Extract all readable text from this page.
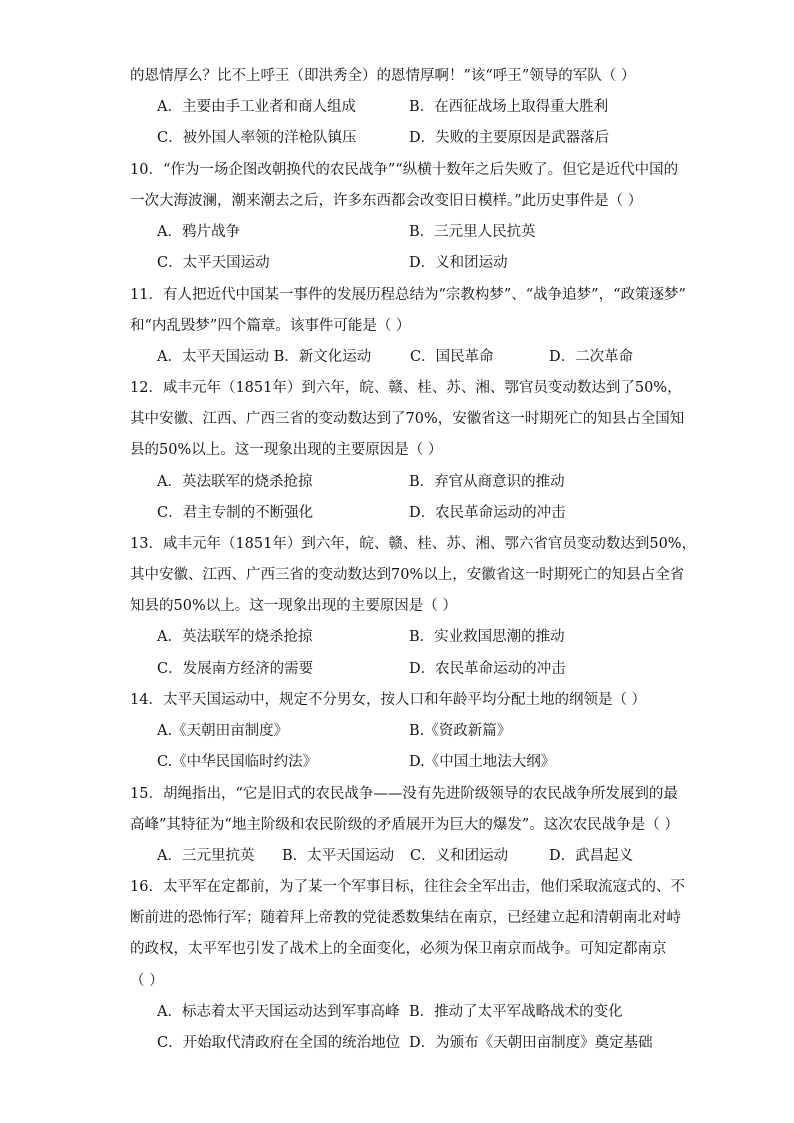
的恩情厚么？比不上呼王（即洪秀全）的恩情厚啊！”该“呼王”领导的军队（ ）
A．主要由手工业者和商人组成	B．在西征战场上取得重大胜利
C．被外国人率领的洋枪队镇压	D．失败的主要原因是武器落后
10．“作为一场企图改朝换代的农民战争”“纵横十数年之后失败了。但它是近代中国的
一次大海波澜，潮来潮去之后，许多东西都会改变旧日模样。”此历史事件是（ ）
A．鸦片战争	B．三元里人民抗英
C．太平天国运动	D．义和团运动
11．有人把近代中国某一事件的发展历程总结为“宗教构梦”、“战争追梦”，“政策逐梦”
和“内乱毁梦”四个篇章。该事件可能是（ ）
A．太平天国运动 B．新文化运动	C．国民革命	D．二次革命
12．咸丰元年（1851年）到六年，皖、赣、桂、苏、湘、鄂官员变动数达到了50%，
其中安徽、江西、广西三省的变动数达到了70%，安徽省这一时期死亡的知县占全国知
县的50%以上。这一现象出现的主要原因是（ ）
A．英法联军的烧杀抢掠	B．弃官从商意识的推动
C．君主专制的不断强化	D．农民革命运动的冲击
13．咸丰元年（1851年）到六年，皖、赣、桂、苏、湘、鄂六省官员变动数达到50%，
其中安徽、江西、广西三省的变动数达到70%以上，安徽省这一时期死亡的知县占全省
知县的50%以上。这一现象出现的主要原因是（ ）
A．英法联军的烧杀抢掠	B．实业救国思潮的推动
C．发展南方经济的需要	D．农民革命运动的冲击
14．太平天国运动中，规定不分男女，按人口和年龄平均分配土地的纲领是（ ）
A.《天朝田亩制度》	B.《资政新篇》
C.《中华民国临时约法》	D.《中国土地法大纲》
15．胡绳指出，“它是旧式的农民战争——没有先进阶级领导的农民战争所发展到的最
高峰”其特征为“地主阶级和农民阶级的矛盾展开为巨大的爆发”。这次农民战争是（ ）
A．三元里抗英 B．太平天国运动 C．义和团运动	D．武昌起义
16．太平军在定都前，为了某一个军事目标，往往会全军出击，他们采取流寇式的、不
断前进的恐怖行军；随着拜上帝教的党徒悉数集结在南京，已经建立起和清朝南北对峙
的政权，太平军也引发了战术上的全面变化，必须为保卫南京而战争。可知定都南京
（ ）
A．标志着太平天国运动达到军事高峰 B．推动了太平军战略战术的变化
C．开始取代清政府在全国的统治地位 D．为颁布《天朝田亩制度》奠定基础
